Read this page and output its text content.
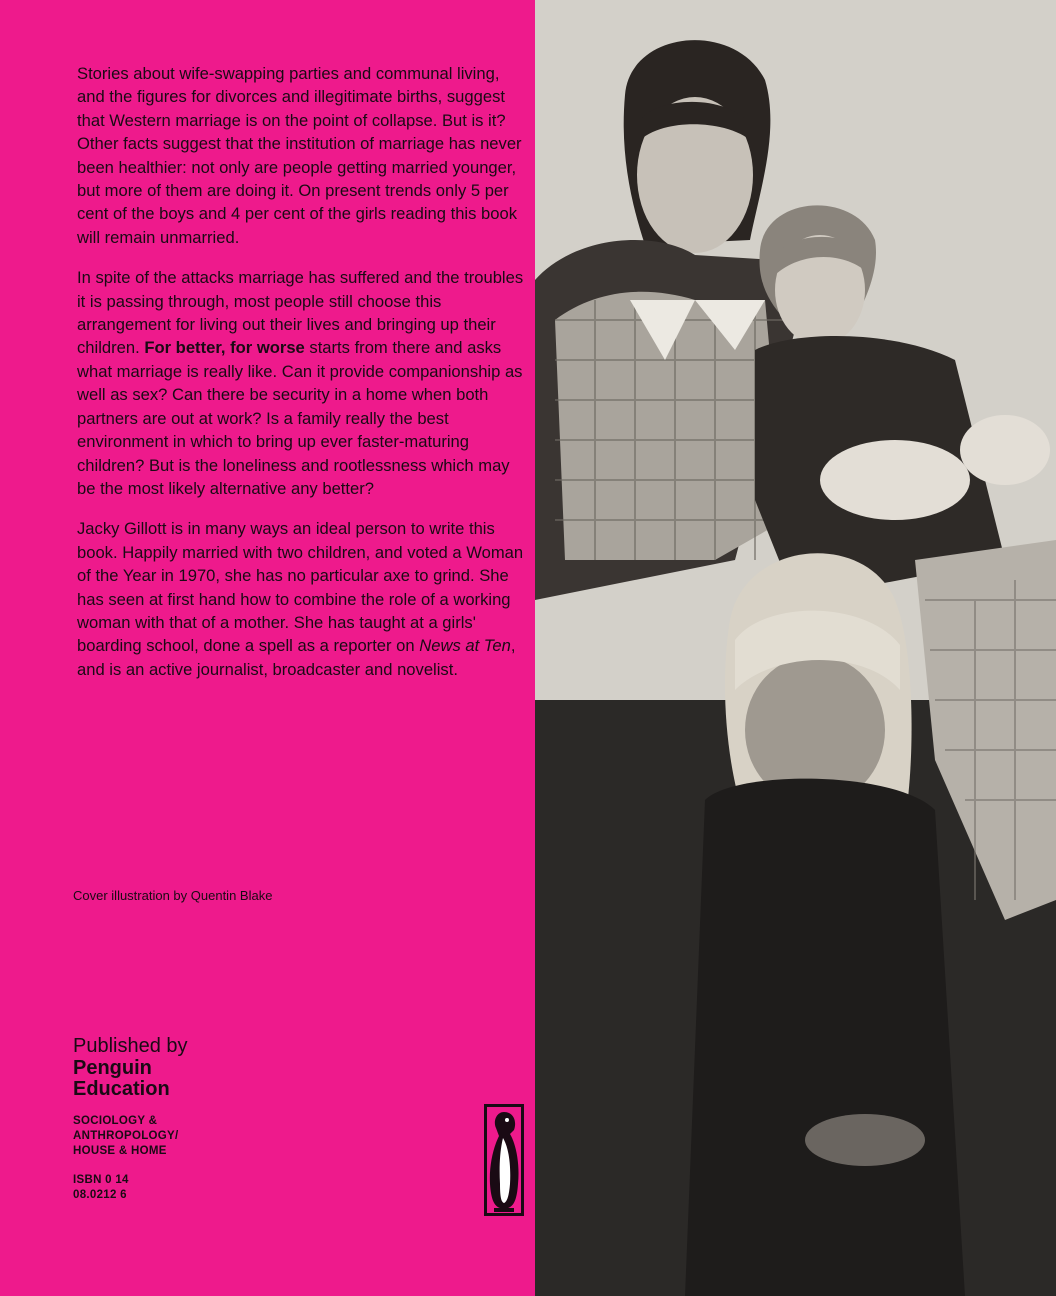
Stories about wife-swapping parties and communal living, and the figures for divorces and illegitimate births, suggest that Western marriage is on the point of collapse. But is it? Other facts suggest that the institution of marriage has never been healthier: not only are people getting married younger, but more of them are doing it. On present trends only 5 per cent of the boys and 4 per cent of the girls reading this book will remain unmarried.

In spite of the attacks marriage has suffered and the troubles it is passing through, most people still choose this arrangement for living out their lives and bringing up their children. For better, for worse starts from there and asks what marriage is really like. Can it provide companionship as well as sex? Can there be security in a home when both partners are out at work? Is a family really the best environment in which to bring up ever faster-maturing children? But is the loneliness and rootlessness which may be the most likely alternative any better?

Jacky Gillott is in many ways an ideal person to write this book. Happily married with two children, and voted a Woman of the Year in 1970, she has no particular axe to grind. She has seen at first hand how to combine the role of a working woman with that of a mother. She has taught at a girls' boarding school, done a spell as a reporter on News at Ten, and is an active journalist, broadcaster and novelist.

Cover illustration by Quentin Blake
Published by
Penguin
Education
SOCIOLOGY &
ANTHROPOLOGY/
HOUSE & HOME
ISBN 0 14
08.0212 6
